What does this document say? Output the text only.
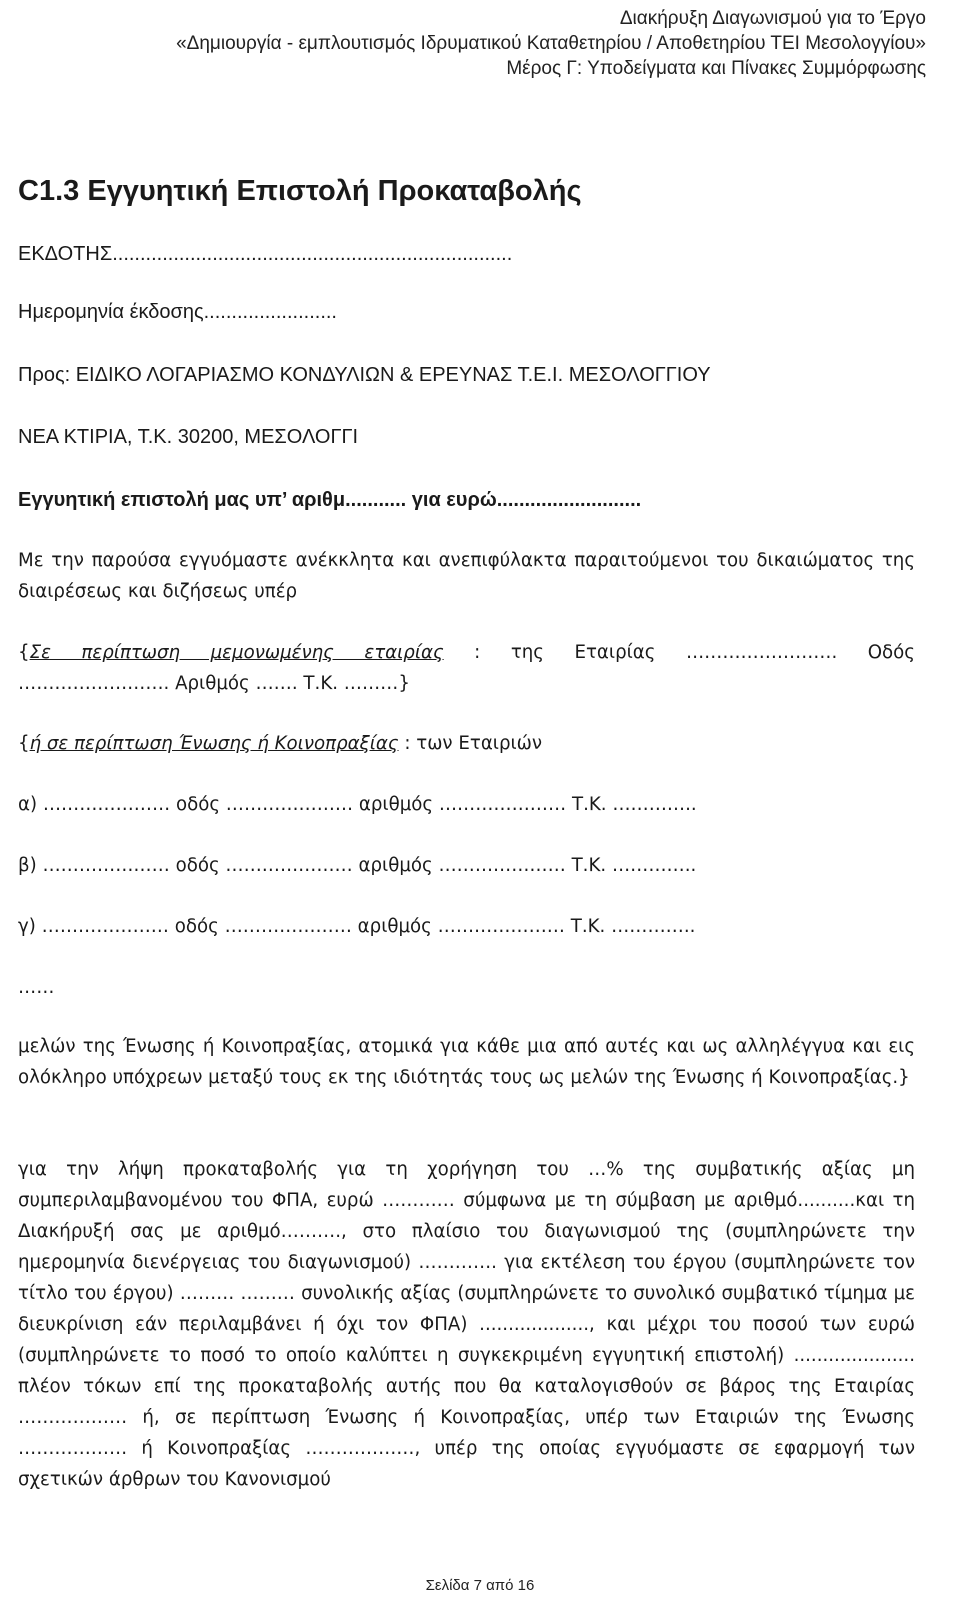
Διακήρυξη Διαγωνισμού για το Έργο
«Δημιουργία - εμπλουτισμός Ιδρυματικού Καταθετηρίου / Αποθετηρίου ΤΕΙ Μεσολογγίου»
Μέρος Γ: Υποδείγματα και Πίνακες Συμμόρφωσης
C1.3 Εγγυητική Επιστολή Προκαταβολής
ΕΚΔΟΤΗΣ........................................................................
Ημερομηνία έκδοσης........................
Προς: ΕΙΔΙΚΟ ΛΟΓΑΡΙΑΣΜΟ ΚΟΝΔΥΛΙΩΝ & ΕΡΕΥΝΑΣ Τ.Ε.Ι. ΜΕΣΟΛΟΓΓΙΟΥ
ΝΕΑ ΚΤΙΡΙΑ, Τ.Κ. 30200, ΜΕΣΟΛΟΓΓΙ
Εγγυητική επιστολή μας υπ’ αριθμ........... για ευρώ..........................
Με την παρούσα εγγυόμαστε ανέκκλητα και ανεπιφύλακτα παραιτούμενοι του δικαιώματος της διαιρέσεως και διζήσεως υπέρ
{Σε περίπτωση μεμονωμένης εταιρίας : της Εταιρίας ……………………. Οδός
……………………. Αριθμός ……. Τ.Κ. ………}
{ή σε περίπτωση Ένωσης ή Κοινοπραξίας : των Εταιριών
α) ………………… οδός ………………… αριθμός ………………… Τ.Κ. …………..
β) ………………… οδός ………………… αριθμός ………………… Τ.Κ. …………..
γ) ………………… οδός ………………… αριθμός ………………… Τ.Κ. …………..
……
μελών της Ένωσης ή Κοινοπραξίας, ατομικά για κάθε μια από αυτές και ως αλληλέγγυα και εις ολόκληρο υπόχρεων μεταξύ τους εκ της ιδιότητάς τους ως μελών της Ένωσης ή Κοινοπραξίας.}
για την λήψη προκαταβολής για τη χορήγηση του …% της συμβατικής αξίας μη συμπεριλαμβανομένου του ΦΠΑ, ευρώ ………… σύμφωνα με τη σύμβαση με αριθμό..........και τη Διακήρυξή σας με αριθμό………., στο πλαίσιο του διαγωνισμού της (συμπληρώνετε την ημερομηνία διενέργειας του διαγωνισμού) …………. για εκτέλεση του έργου (συμπληρώνετε τον τίτλο του έργου) ……… ……… συνολικής αξίας (συμπληρώνετε το συνολικό συμβατικό τίμημα με διευκρίνιση εάν περιλαμβάνει ή όχι τον ΦΠΑ) ..................., και μέχρι του ποσού των ευρώ (συμπληρώνετε το ποσό το οποίο καλύπτει η συγκεκριμένη εγγυητική επιστολή) ..................... πλέον τόκων επί της προκαταβολής αυτής που θα καταλογισθούν σε βάρος της Εταιρίας ……………… ή, σε περίπτωση Ένωσης ή Κοινοπραξίας, υπέρ των Εταιριών της Ένωσης ……………… ή Κοινοπραξίας ………………, υπέρ της οποίας εγγυόμαστε σε εφαρμογή των σχετικών άρθρων του Κανονισμού
Σελίδα 7 από 16
